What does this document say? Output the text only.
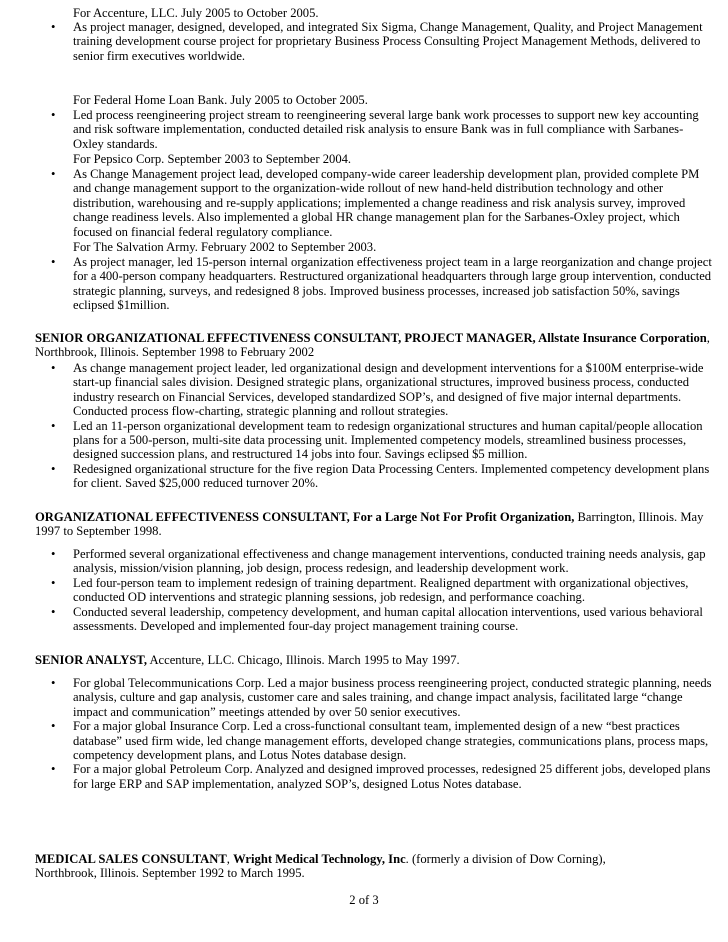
For Accenture, LLC. July 2005 to October 2005.
•	As project manager, designed, developed, and integrated Six Sigma, Change Management, Quality, and Project Management training development course project for proprietary Business Process Consulting Project Management Methods, delivered to senior firm executives worldwide.
For Federal Home Loan Bank. July 2005 to October 2005.
•	Led process reengineering project stream to reengineering several large bank work processes to support new key accounting and risk software implementation, conducted detailed risk analysis to ensure Bank was in full compliance with Sarbanes-Oxley standards.
For Pepsico Corp. September 2003 to September 2004.
•	As Change Management project lead, developed company-wide career leadership development plan, provided complete PM and change management support to the organization-wide rollout of new hand-held distribution technology and other distribution, warehousing and re-supply applications; implemented a change readiness and risk analysis survey, improved change readiness levels. Also implemented a global HR change management plan for the Sarbanes-Oxley project, which focused on financial federal regulatory compliance.
For The Salvation Army. February 2002 to September 2003.
•	As project manager, led 15-person internal organization effectiveness project team in a large reorganization and change project for a 400-person company headquarters. Restructured organizational headquarters through large group intervention, conducted strategic planning, surveys, and redesigned 8 jobs. Improved business processes, increased job satisfaction 50%, savings eclipsed $1million.
SENIOR ORGANIZATIONAL EFFECTIVENESS CONSULTANT, PROJECT MANAGER, Allstate Insurance Corporation, Northbrook, Illinois. September 1998 to February 2002
•	As change management project leader, led organizational design and development interventions for a $100M enterprise-wide start-up financial sales division. Designed strategic plans, organizational structures, improved business process, conducted industry research on Financial Services, developed standardized SOP’s, and designed of five major internal departments. Conducted process flow-charting, strategic planning and rollout strategies.
•	Led an 11-person organizational development team to redesign organizational structures and human capital/people allocation plans for a 500-person, multi-site data processing unit. Implemented competency models, streamlined business processes, designed succession plans, and restructured 14 jobs into four. Savings eclipsed $5 million.
•	Redesigned organizational structure for the five region Data Processing Centers. Implemented competency development plans for client. Saved $25,000 reduced turnover 20%.
ORGANIZATIONAL EFFECTIVENESS CONSULTANT, For a Large Not For Profit Organization, Barrington, Illinois. May 1997 to September 1998.
•	Performed several organizational effectiveness and change management interventions, conducted training needs analysis, gap analysis, mission/vision planning, job design, process redesign, and leadership development work.
•	Led four-person team to implement redesign of training department. Realigned department with organizational objectives, conducted OD interventions and strategic planning sessions, job redesign, and performance coaching.
•	Conducted several leadership, competency development, and human capital allocation interventions, used various behavioral assessments. Developed and implemented four-day project management training course.
SENIOR ANALYST, Accenture, LLC. Chicago, Illinois. March 1995 to May 1997.
•	For global Telecommunications Corp. Led a major business process reengineering project, conducted strategic planning, needs analysis, culture and gap analysis, customer care and sales training, and change impact analysis, facilitated large “change impact and communication” meetings attended by over 50 senior executives.
•	For a major global Insurance Corp. Led a cross-functional consultant team, implemented design of a new “best practices database” used firm wide, led change management efforts, developed change strategies, communications plans, process maps, competency development plans, and Lotus Notes database design.
•	For a major global Petroleum Corp. Analyzed and designed improved processes, redesigned 25 different jobs, developed plans for large ERP and SAP implementation, analyzed SOP’s, designed Lotus Notes database.
MEDICAL SALES CONSULTANT, Wright Medical Technology, Inc. (formerly a division of Dow Corning),
Northbrook, Illinois. September 1992 to March 1995.
2 of 3
